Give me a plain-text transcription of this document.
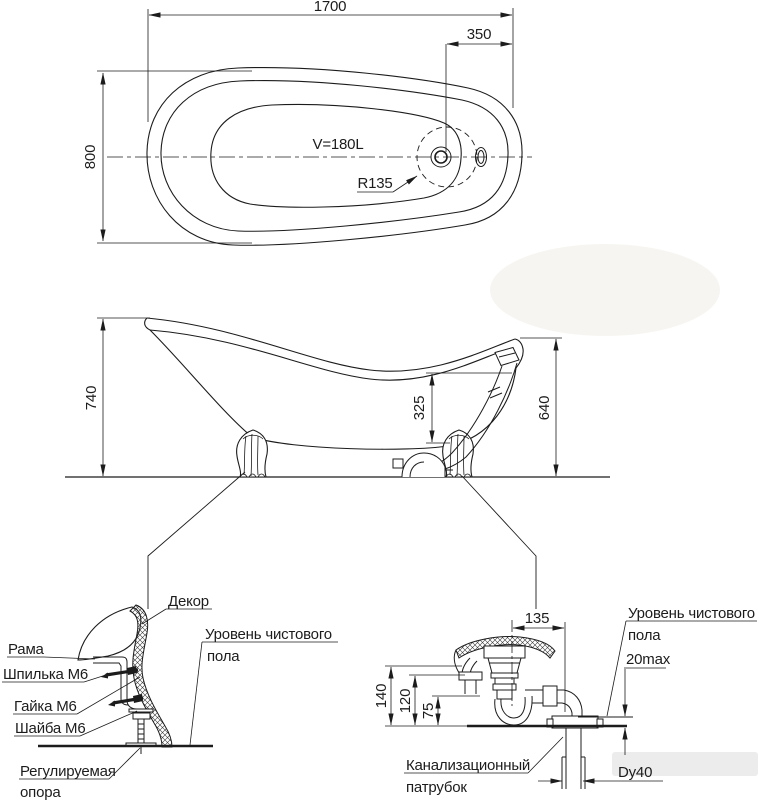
1700
350
800
V=180L
R135
740	640
325
Декор
Рама
Шпилька М6
Гайка М6
Шайба М6
Регулируемая
опора
Уровень чистового
пола
135
140 120 75
Уровень чистового
пола
20max
Канализационный
патрубок
Dy40
